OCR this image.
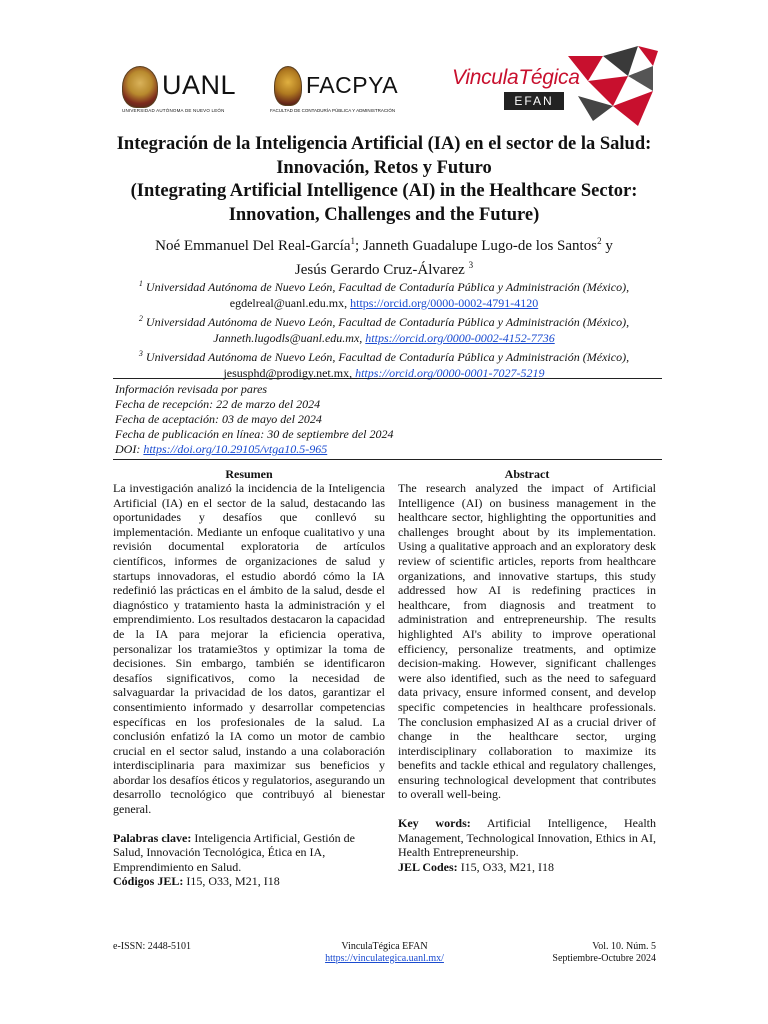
UANL
UNIVERSIDAD AUTÓNOMA DE NUEVO LEÓN
FACPYA
FACULTAD DE CONTADURÍA PÚBLICA Y ADMINISTRACIÓN
VinculaTégica
EFAN
Integración de la Inteligencia Artificial (IA) en el sector de la Salud:
Innovación, Retos y Futuro
(Integrating Artificial Intelligence (AI) in the Healthcare Sector:
Innovation, Challenges and the Future)
Noé Emmanuel Del Real-García$^1$; Janneth Guadalupe Lugo-de los Santos$^2$ y
Jesús Gerardo Cruz-Álvarez $^3$
$^1$ Universidad Autónoma de Nuevo León, Facultad de Contaduría Pública y Administración (México),
egdelreal@uanl.edu.mx, https://orcid.org/0000-0002-4791-4120
$^2$ Universidad Autónoma de Nuevo León, Facultad de Contaduría Pública y Administración (México),
Janneth.lugodls@uanl.edu.mx, https://orcid.org/0000-0002-4152-7736
$^3$ Universidad Autónoma de Nuevo León, Facultad de Contaduría Pública y Administración (México),
jesusphd@prodigy.net.mx, https://orcid.org/0000-0001-7027-5219
Información revisada por pares
Fecha de recepción: 22 de marzo del 2024
Fecha de aceptación: 03 de mayo del 2024
Fecha de publicación en línea: 30 de septiembre del 2024
DOI: https://doi.org/10.29105/vtga10.5-965
Resumen

La investigación analizó la incidencia de la Inteligencia Artificial (IA) en el sector de la salud, destacando las oportunidades y desafíos que conllevó su implementación. Mediante un enfoque cualitativo y una revisión documental exploratoria de artículos científicos, informes de organizaciones de salud y startups innovadoras, el estudio abordó cómo la IA redefinió las prácticas en el ámbito de la salud, desde el diagnóstico y tratamiento hasta la administración y el emprendimiento. Los resultados destacaron la capacidad de la IA para mejorar la eficiencia operativa, personalizar los tratamie3tos y optimizar la toma de decisiones. Sin embargo, también se identificaron desafíos significativos, como la necesidad de salvaguardar la privacidad de los datos, garantizar el consentimiento informado y desarrollar competencias específicas en los profesionales de la salud. La conclusión enfatizó la IA como un motor de cambio crucial en el sector salud, instando a una colaboración interdisciplinaria para maximizar sus beneficios y abordar los desafíos éticos y regulatorios, asegurando un desarrollo tecnológico que contribuyó al bienestar general.

Palabras clave: Inteligencia Artificial, Gestión de Salud, Innovación Tecnológica, Ética en IA, Emprendimiento en Salud.

Códigos JEL: I15, O33, M21, I18

Abstract

The research analyzed the impact of Artificial Intelligence (AI) on business management in the healthcare sector, highlighting the opportunities and challenges brought about by its implementation. Using a qualitative approach and an exploratory desk review of scientific articles, reports from healthcare organizations, and innovative startups, this study addressed how AI is redefining practices in healthcare, from diagnosis and treatment to administration and entrepreneurship. The results highlighted AI's ability to improve operational efficiency, personalize treatments, and optimize decision-making. However, significant challenges were also identified, such as the need to safeguard data privacy, ensure informed consent, and develop specific competencies in healthcare professionals. The conclusion emphasized AI as a crucial driver of change in the healthcare sector, urging interdisciplinary collaboration to maximize its benefits and tackle ethical and regulatory challenges, ensuring technological development that contributes to overall well-being.

Key words: Artificial Intelligence, Health Management, Technological Innovation, Ethics in AI, Health Entrepreneurship.

JEL Codes: I15, O33, M21, I18

e-ISSN: 2448-5101	VinculaTégica EFAN
https://vinculategica.uanl.mx/
Vol. 10. Núm. 5
Septiembre-Octubre 2024
